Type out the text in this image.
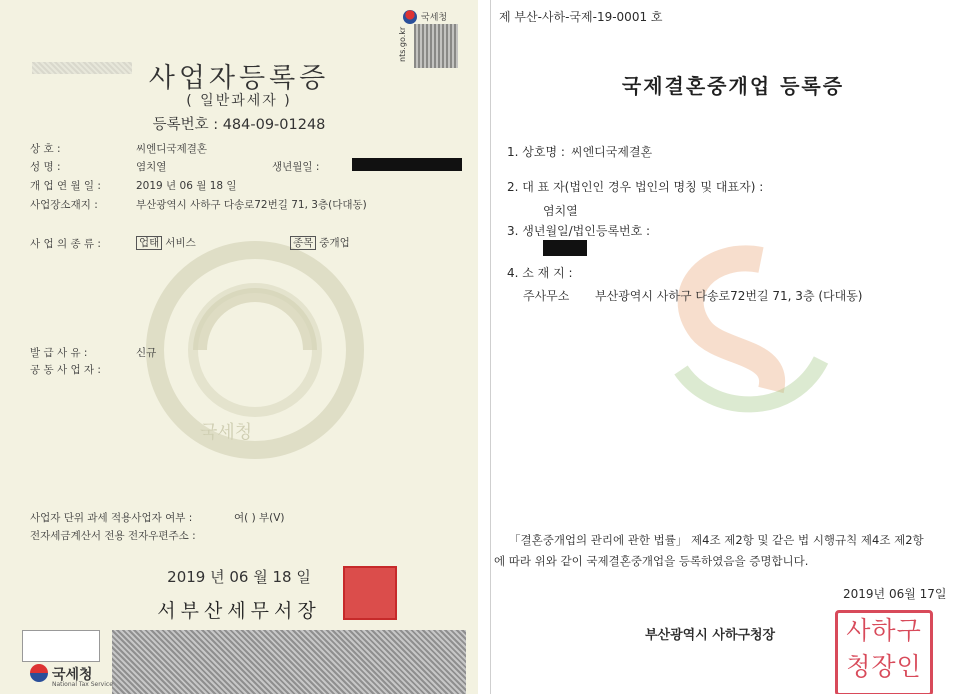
국세청
국세청
nts.go.kr
사업자등록증
( 일반과세자 )
등록번호 : 484-09-01248
상 호 :	씨엔디국제결혼
성 명 :	염치열	생년월일 :
개 업 연 월 일 :	2019 년 06 월 18 일
사업장소재지 :	부산광역시 사하구 다송로72번길 71, 3층(다대동)
사 업 의 종 류 :	업태 서비스	종목 중개업
발 급 사 유 :	신규
공 동 사 업 자 :
사업자 단위 과세 적용사업자 여부 :	여( ) 부(V)
전자세금계산서 전용 전자우편주소 :
2019 년 06 월 18 일
서부산세무서장
국세청
National Tax Service
제 부산-사하-국제-19-0001 호
국제결혼중개업 등록증
1. 상호명 : 씨엔디국제결혼
2. 대 표 자(법인인 경우 법인의 명칭 및 대표자) :
염치열
3. 생년월일/법인등록번호 :
4. 소 재 지 :
주사무소 부산광역시 사하구 다송로72번길 71, 3층 (다대동)
「결혼중개업의 관리에 관한 법률」 제4조 제2항 및 같은 법 시행규칙 제4조 제2항
에 따라 위와 같이 국제결혼중개업을 등록하였음을 증명합니다.
2019년 06월 17일
부산광역시 사하구청장	사하구
청장인
